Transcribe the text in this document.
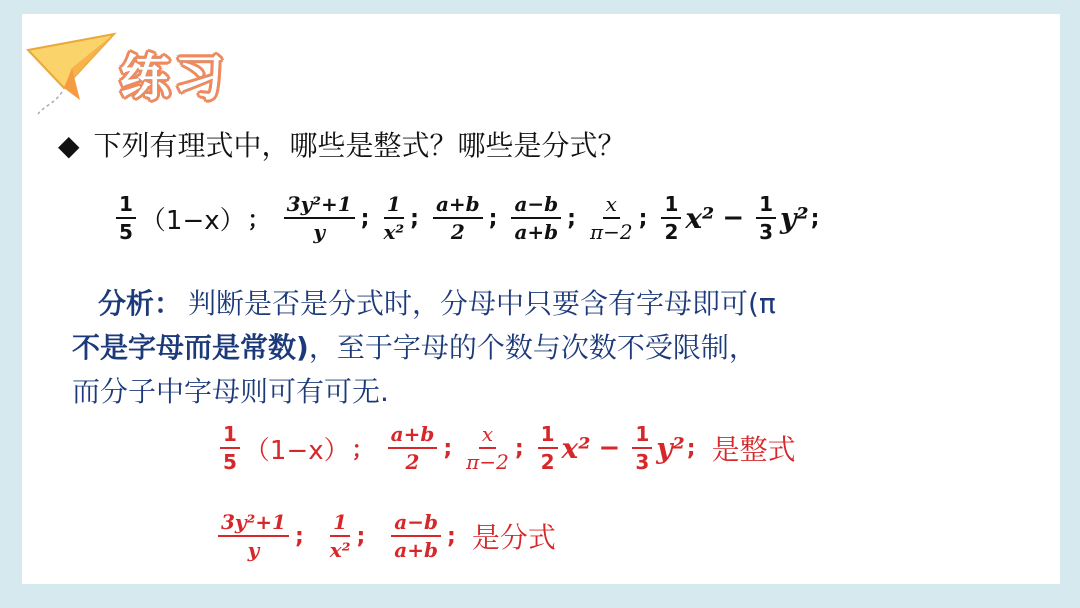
练习
◆ 下列有理式中，哪些是整式？哪些是分式？
$\frac{1}{5} (1-x)$ ； $\frac{\text{3y²+1}}{y}$ ; $\frac{1}{\text{x²}}$ ; $\frac{a+b}{2}$ ; $\frac{a-b}{a+b}$ ; $\frac{x}{\pi-2}$ ; $\frac{1}{2} x^2 - \frac{1}{3} y^2$ ;
分析： 判断是否是分式时，分母中只要含有字母即可(π
不是字母而是常数)，至于字母的个数与次数不受限制，
而分子中字母则可有可无.
$\frac{1}{5} (1-x)$ ； $\frac{a+b}{2}$ ; $\frac{x}{\pi-2}$ ; $\frac{1}{2} x^2 - \frac{1}{3} y^2$ ; 是整式
$\frac{\text{3y²+1}}{y}$ ; $\frac{1}{\text{x²}}$ ; $\frac{a-b}{a+b}$ ; 是分式
